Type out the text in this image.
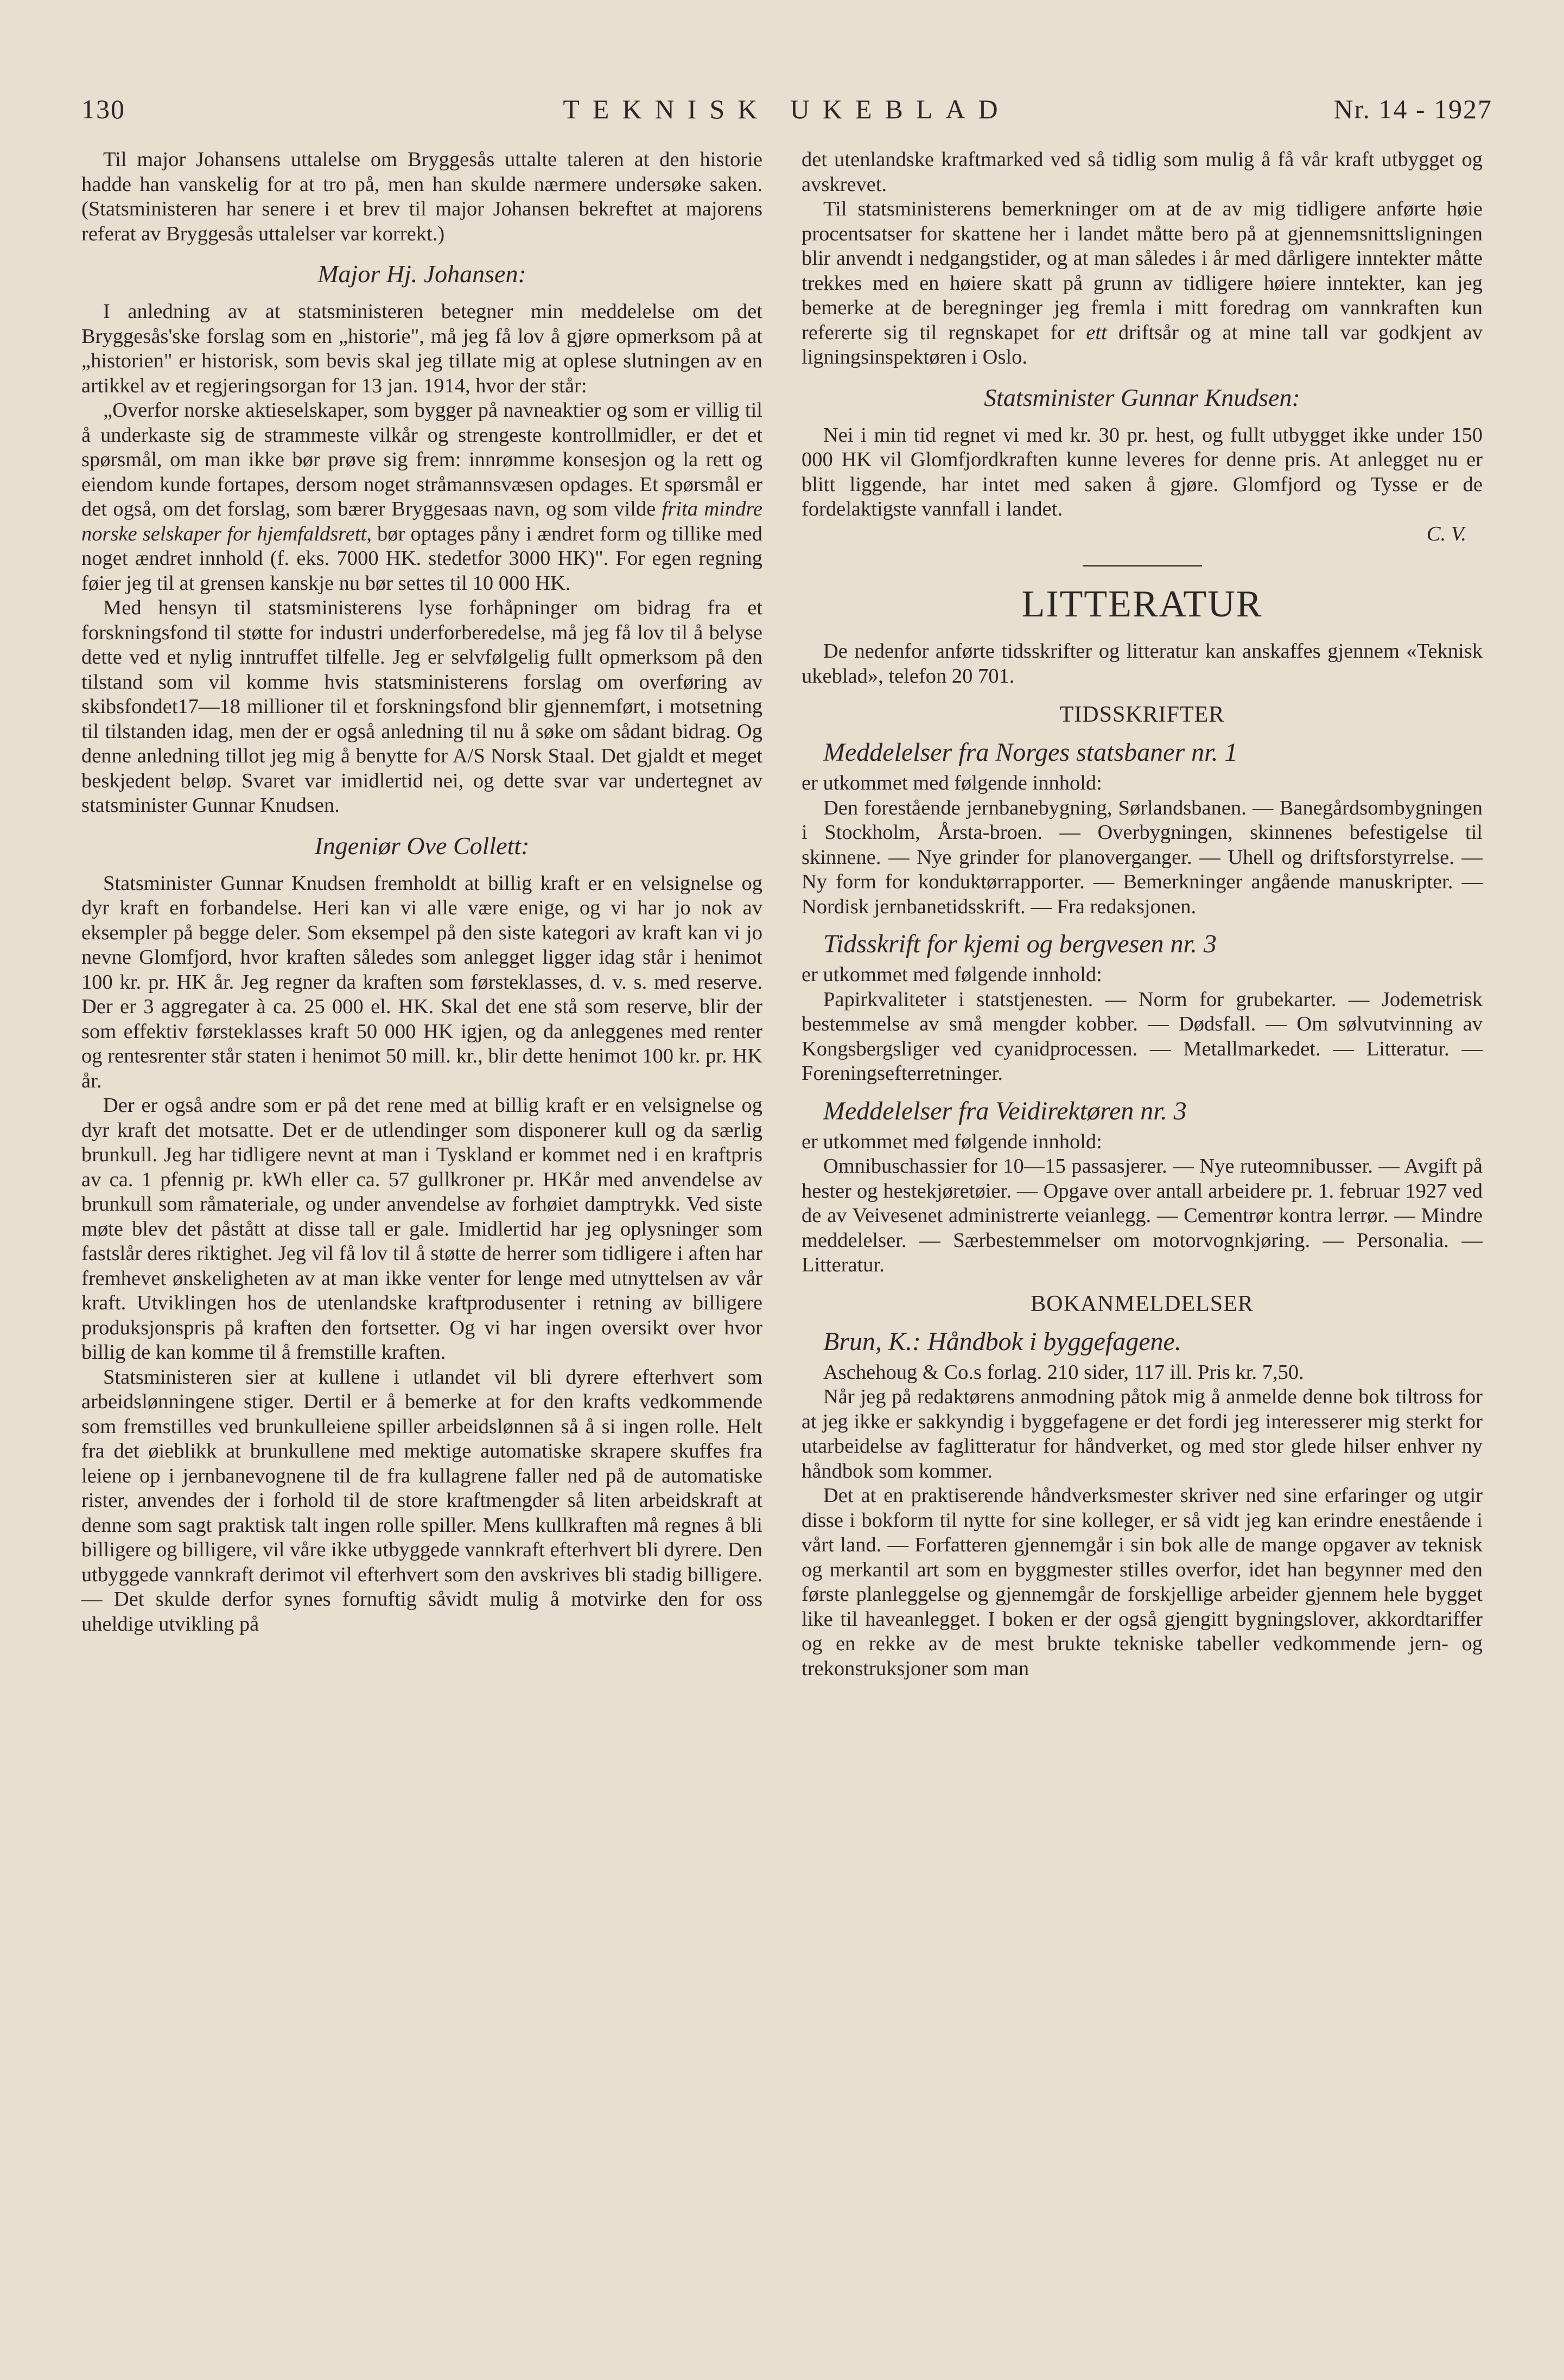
130	TEKNISK UKEBLAD	Nr. 14 - 1927

Til major Johansens uttalelse om Bryggesås uttalte taleren at den historie hadde han vanskelig for at tro på, men han skulde nærmere undersøke saken. (Statsministeren har senere i et brev til major Johansen bekreftet at majorens referat av Bryggesås uttalelser var korrekt.)

Major Hj. Johansen:

I anledning av at statsministeren betegner min meddelelse om det Bryggesås'ske forslag som en „historie", må jeg få lov å gjøre opmerksom på at „historien" er historisk, som bevis skal jeg tillate mig at oplese slutningen av en artikkel av et regjeringsorgan for 13 jan. 1914, hvor der står:

„Overfor norske aktieselskaper, som bygger på navneaktier og som er villig til å underkaste sig de strammeste vilkår og strengeste kontrollmidler, er det et spørsmål, om man ikke bør prøve sig frem: innrømme konsesjon og la rett og eiendom kunde fortapes, dersom noget stråmannsvæsen opdages. Et spørsmål er det også, om det forslag, som bærer Bryggesaas navn, og som vilde frita mindre norske selskaper for hjemfaldsrett, bør optages påny i ændret form og tillike med noget ændret innhold (f. eks. 7000 HK. stedetfor 3000 HK)". For egen regning føier jeg til at grensen kanskje nu bør settes til 10 000 HK.

Med hensyn til statsministerens lyse forhåpninger om bidrag fra et forskningsfond til støtte for industri underforberedelse, må jeg få lov til å belyse dette ved et nylig inntruffet tilfelle. Jeg er selvfølgelig fullt opmerksom på den tilstand som vil komme hvis statsministerens forslag om overføring av skibsfondet17—18 millioner til et forskningsfond blir gjennemført, i motsetning til tilstanden idag, men der er også anledning til nu å søke om sådant bidrag. Og denne anledning tillot jeg mig å benytte for A/S Norsk Staal. Det gjaldt et meget beskjedent beløp. Svaret var imidlertid nei, og dette svar var undertegnet av statsminister Gunnar Knudsen.

Ingeniør Ove Collett:

Statsminister Gunnar Knudsen fremholdt at billig kraft er en velsignelse og dyr kraft en forbandelse. Heri kan vi alle være enige, og vi har jo nok av eksempler på begge deler. Som eksempel på den siste kategori av kraft kan vi jo nevne Glomfjord, hvor kraften således som anlegget ligger idag står i henimot 100 kr. pr. HK år. Jeg regner da kraften som førsteklasses, d. v. s. med reserve. Der er 3 aggregater à ca. 25 000 el. HK. Skal det ene stå som reserve, blir der som effektiv førsteklasses kraft 50 000 HK igjen, og da anleggenes med renter og rentesrenter står staten i henimot 50 mill. kr., blir dette henimot 100 kr. pr. HK år.

Der er også andre som er på det rene med at billig kraft er en velsignelse og dyr kraft det motsatte. Det er de utlendinger som disponerer kull og da særlig brunkull. Jeg har tidligere nevnt at man i Tyskland er kommet ned i en kraftpris av ca. 1 pfennig pr. kWh eller ca. 57 gullkroner pr. HKår med anvendelse av brunkull som råmateriale, og under anvendelse av forhøiet damptrykk. Ved siste møte blev det påstått at disse tall er gale. Imidlertid har jeg oplysninger som fastslår deres riktighet. Jeg vil få lov til å støtte de herrer som tidligere i aften har fremhevet ønskeligheten av at man ikke venter for lenge med utnyttelsen av vår kraft. Utviklingen hos de utenlandske kraftprodusenter i retning av billigere produksjonspris på kraften den fortsetter. Og vi har ingen oversikt over hvor billig de kan komme til å fremstille kraften.

Statsministeren sier at kullene i utlandet vil bli dyrere efterhvert som arbeidslønningene stiger. Dertil er å bemerke at for den krafts vedkommende som fremstilles ved brunkulleiene spiller arbeidslønnen så å si ingen rolle. Helt fra det øieblikk at brunkullene med mektige automatiske skrapere skuffes fra leiene op i jernbanevognene til de fra kullagrene faller ned på de automatiske rister, anvendes der i forhold til de store kraftmengder så liten arbeidskraft at denne som sagt praktisk talt ingen rolle spiller. Mens kullkraften må regnes å bli billigere og billigere, vil våre ikke utbyggede vannkraft efterhvert bli dyrere. Den utbyggede vannkraft derimot vil efterhvert som den avskrives bli stadig billigere. — Det skulde derfor synes fornuftig såvidt mulig å motvirke den for oss uheldige utvikling på

det utenlandske kraftmarked ved så tidlig som mulig å få vår kraft utbygget og avskrevet.

Til statsministerens bemerkninger om at de av mig tidligere anførte høie procentsatser for skattene her i landet måtte bero på at gjennemsnittsligningen blir anvendt i nedgangstider, og at man således i år med dårligere inntekter måtte trekkes med en høiere skatt på grunn av tidligere høiere inntekter, kan jeg bemerke at de beregninger jeg fremla i mitt foredrag om vannkraften kun refererte sig til regnskapet for ett driftsår og at mine tall var godkjent av ligningsinspektøren i Oslo.

Statsminister Gunnar Knudsen:

Nei i min tid regnet vi med kr. 30 pr. hest, og fullt utbygget ikke under 150 000 HK vil Glomfjordkraften kunne leveres for denne pris. At anlegget nu er blitt liggende, har intet med saken å gjøre. Glomfjord og Tysse er de fordelaktigste vannfall i landet.

C. V.

LITTERATUR

De nedenfor anførte tidsskrifter og litteratur kan anskaffes gjennem «Teknisk ukeblad», telefon 20 701.

TIDSSKRIFTER
Meddelelser fra Norges statsbaner nr. 1

er utkommet med følgende innhold:

Den forestående jernbanebygning, Sørlandsbanen. — Banegårdsombygningen i Stockholm, Årsta-broen. — Overbygningen, skinnenes befestigelse til skinnene. — Nye grinder for planoverganger. — Uhell og driftsforstyrrelse. — Ny form for konduktørrapporter. — Bemerkninger angående manuskripter. — Nordisk jernbanetidsskrift. — Fra redaksjonen.

Tidsskrift for kjemi og bergvesen nr. 3

er utkommet med følgende innhold:

Papirkvaliteter i statstjenesten. — Norm for grubekarter. — Jodemetrisk bestemmelse av små mengder kobber. — Dødsfall. — Om sølvutvinning av Kongsbergsliger ved cyanidprocessen. — Metallmarkedet. — Litteratur. — Foreningsefterretninger.

Meddelelser fra Veidirektøren nr. 3

er utkommet med følgende innhold:

Omnibuschassier for 10—15 passasjerer. — Nye ruteomnibusser. — Avgift på hester og hestekjøretøier. — Opgave over antall arbeidere pr. 1. februar 1927 ved de av Veivesenet administrerte veianlegg. — Cementrør kontra lerrør. — Mindre meddelelser. — Særbestemmelser om motorvognkjøring. — Personalia. — Litteratur.

BOKANMELDELSER
Brun, K.: Håndbok i byggefagene.

Aschehoug & Co.s forlag. 210 sider, 117 ill. Pris kr. 7,50.

Når jeg på redaktørens anmodning påtok mig å anmelde denne bok tiltross for at jeg ikke er sakkyndig i byggefagene er det fordi jeg interesserer mig sterkt for utarbeidelse av faglitteratur for håndverket, og med stor glede hilser enhver ny håndbok som kommer.

Det at en praktiserende håndverksmester skriver ned sine erfaringer og utgir disse i bokform til nytte for sine kolleger, er så vidt jeg kan erindre enestående i vårt land. — Forfatteren gjennemgår i sin bok alle de mange opgaver av teknisk og merkantil art som en byggmester stilles overfor, idet han begynner med den første planleggelse og gjennemgår de forskjellige arbeider gjennem hele bygget like til haveanlegget. I boken er der også gjengitt bygningslover, akkordtariffer og en rekke av de mest brukte tekniske tabeller vedkommende jern- og trekonstruksjoner som man
